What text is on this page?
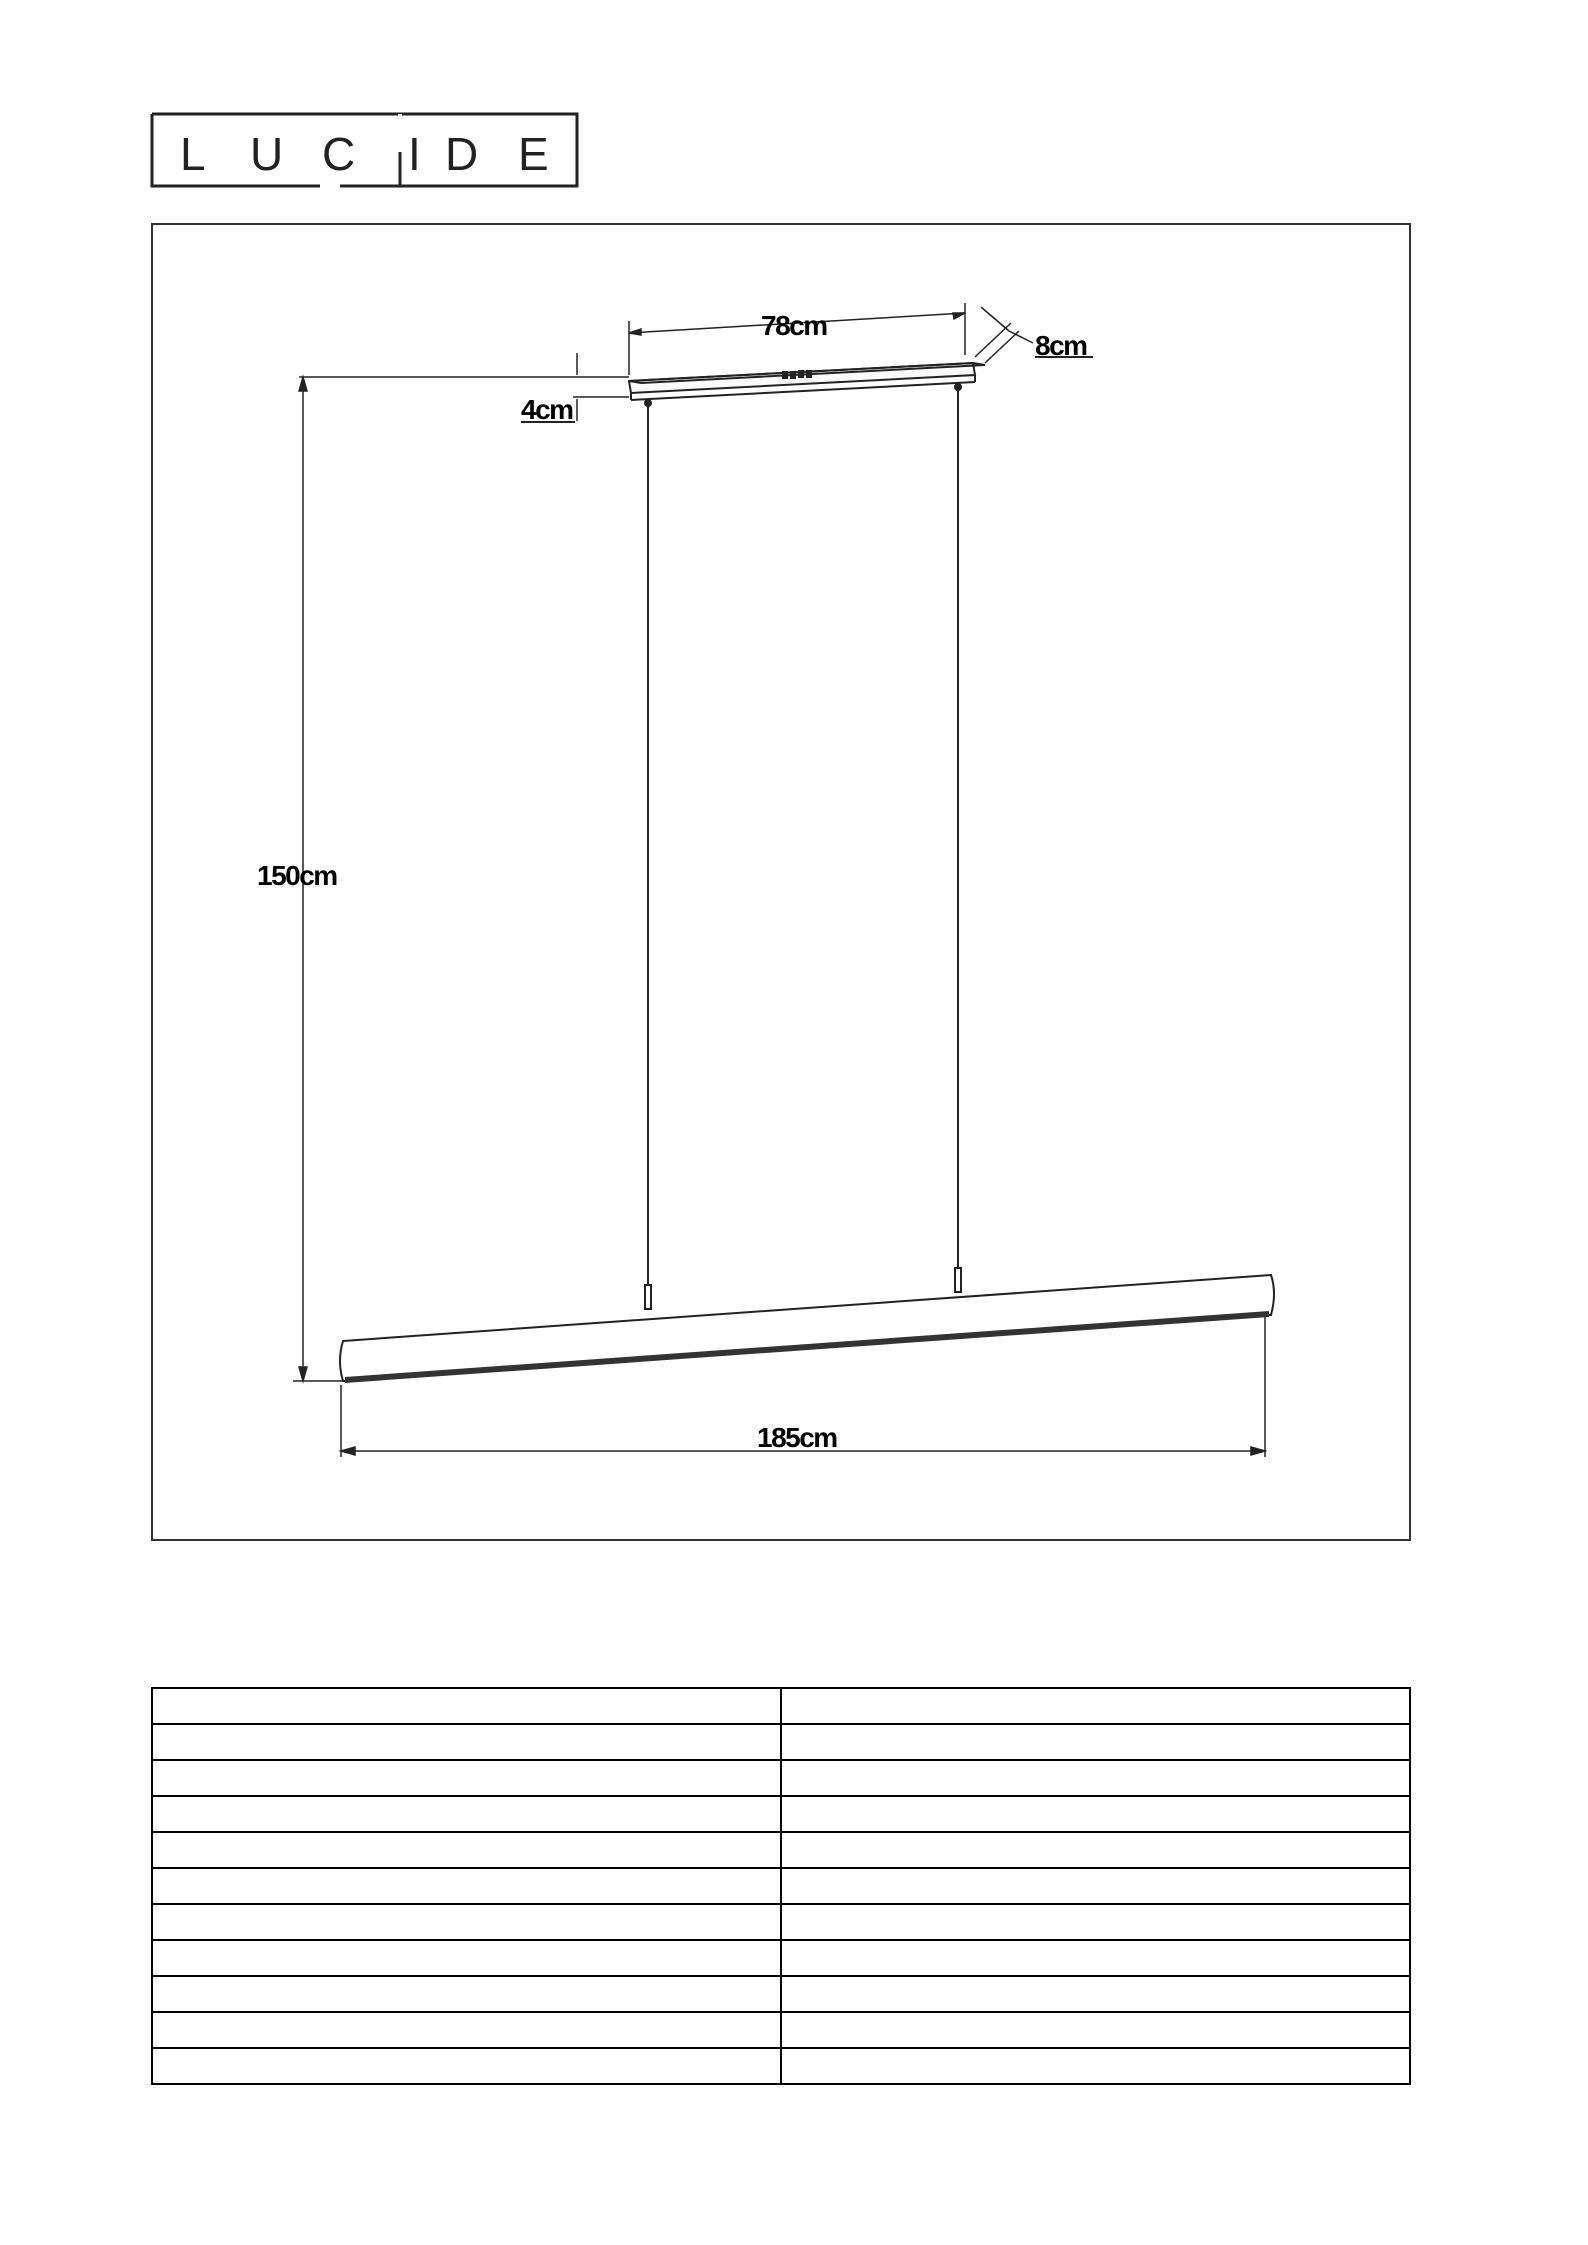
L U C I D E
78cm
8cm
4cm
150cm
185cm
